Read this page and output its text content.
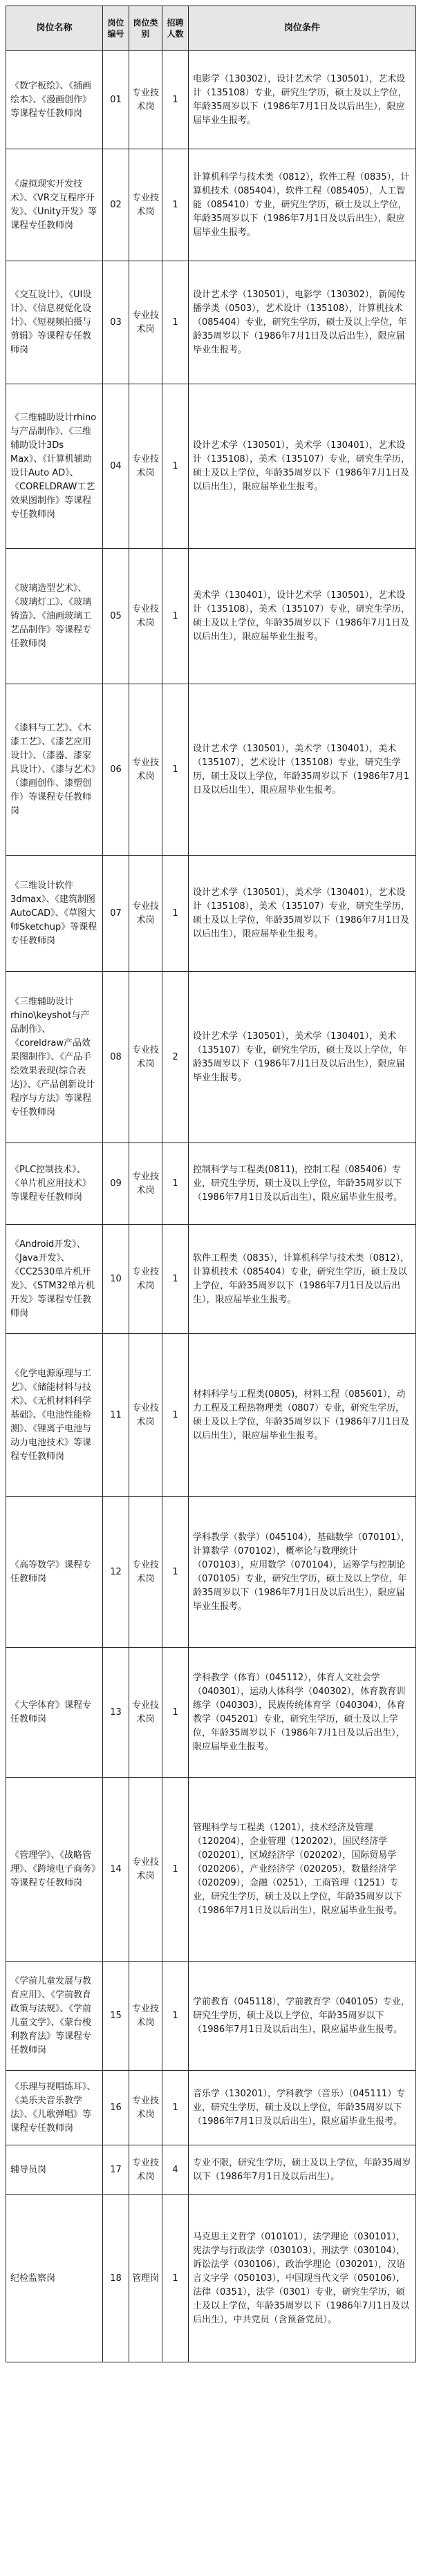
岗位名称	岗位编号	岗位类别	招聘人数	岗位条件
《数字板绘》、《插画绘本》、《漫画创作》等课程专任教师岗	01	专业技术岗	1	电影学（130302），设计艺术学（130501），艺术设计（135108）专业，研究生学历，硕士及以上学位，年龄35周岁以下（1986年7月1日及以后出生），限应届毕业生报考。
《虚拟现实开发技术》、《VR交互程序开发》、《Unity开发》等课程专任教师岗	02	专业技术岗	1	计算机科学与技术类（0812），软件工程（0835），计算机技术（085404），软件工程（085405），人工智能（085410）专业，研究生学历，硕士及以上学位，年龄35周岁以下（1986年7月1日及以后出生），限应届毕业生报考。
《交互设计》、《UI设计》、《信息视觉化设计》、《短视频拍摄与剪辑》等课程专任教师岗	03	专业技术岗	1	设计艺术学（130501），电影学（130302），新闻传播学类（0503），艺术设计（135108），计算机技术（085404）专业，研究生学历，硕士及以上学位，年龄35周岁以下（1986年7月1日及以后出生），限应届毕业生报考。
《三维辅助设计rhino与产品制作》、《三维辅助设计3Ds Max》、《计算机辅助设计Auto AD》、《CORELDRAW工艺效果图制作》等课程专任教师岗	04	专业技术岗	1	设计艺术学（130501），美术学（130401），艺术设计（135108），美术（135107）专业，研究生学历，硕士及以上学位，年龄35周岁以下（1986年7月1日及以后出生），限应届毕业生报考。
《玻璃造型艺术》、《玻璃灯工》、《玻璃铸造》、《油画玻璃工艺品制作》等课程专任教师岗	05	专业技术岗	1	美术学（130401），设计艺术学（130501），艺术设计（135108），美术（135107）专业，研究生学历，硕士及以上学位，年龄35周岁以下（1986年7月1日及以后出生），限应届毕业生报考。
《漆料与工艺》、《木漆工艺》、《漆艺应用设计》、（漆器、漆家具设计）、《漆与艺术》（漆画创作、漆塑创作）等课程专任教师岗	06	专业技术岗	1	设计艺术学（130501），美术学（130401），美术（135107），艺术设计（135108）专业，研究生学历，硕士及以上学位，年龄35周岁以下（1986年7月1日及以后出生），限应届毕业生报考。
《三维设计软件3dmax》、《建筑制图AutoCAD》、《草图大师Sketchup》等课程专任教师岗	07	专业技术岗	1	设计艺术学（130501），美术学（130401），艺术设计（135108），美术（135107）专业，研究生学历，硕士及以上学位，年龄35周岁以下（1986年7月1日及以后出生），限应届毕业生报考。
《三维辅助设计rhino\keyshot与产品制作》、《coreldraw产品效果图制作》、《产品手绘效果表现(综合表达)》、《产品创新设计程序与方法》等课程专任教师岗	08	专业技术岗	2	设计艺术学（130501），美术学（130401），美术（135107）专业，研究生学历，硕士及以上学位，年龄35周岁以下（1986年7月1日及以后出生），限应届毕业生报考。
《PLC控制技术》、《单片机应用技术》等课程专任教师岗	09	专业技术岗	1	控制科学与工程类(0811)，控制工程（085406）专业，研究生学历，硕士及以上学位，年龄35周岁以下（1986年7月1日及以后出生），限应届毕业生报考。
《Android开发》、《Java开发》、《CC2530单片机开发》、《STM32单片机开发》等课程专任教师岗	10	专业技术岗	1	软件工程类（0835），计算机科学与技术类（0812），计算机技术（085404）专业，研究生学历，硕士及以上学位，年龄35周岁以下（1986年7月1日及以后出生），限应届毕业生报考。
《化学电源原理与工艺》、《储能材料与技术》、《无机材料科学基础》、《电池性能检测》、《锂离子电池与动力电池技术》等课程专任教师岗	11	专业技术岗	1	材料科学与工程类(0805)，材料工程（085601），动力工程及工程热物理类（0807）专业，研究生学历，硕士及以上学位，年龄35周岁以下（1986年7月1日及以后出生），限应届毕业生报考。
《高等数学》课程专任教师岗	12	专业技术岗	1	学科教学（数学）（045104），基础数学（070101），计算数学（070102），概率论与数理统计（070103），应用数学（070104），运筹学与控制论（070105）专业，研究生学历，硕士及以上学位，年龄35周岁以下（1986年7月1日及以后出生），限应届毕业生报考。
《大学体育》课程专任教师岗	13	专业技术岗	1	学科教学（体育）（045112），体育人文社会学（040301），运动人体科学（040302），体育教育训练学（040303），民族传统体育学（040304），体育教学（045201）专业，研究生学历，硕士及以上学位，年龄35周岁以下（1986年7月1日及以后出生），限应届毕业生报考。
《管理学》、《战略管理》、《跨境电子商务》等课程专任教师岗	14	专业技术岗	1	管理科学与工程类（1201），技术经济及管理（120204），企业管理（120202），国民经济学（020201），区域经济学（020202），国际贸易学（020206），产业经济学（020205），数量经济学（020209），金融（0251），工商管理（1251）专业，研究生学历，硕士及以上学位，年龄35周岁以下（1986年7月1日及以后出生），限应届毕业生报考。
《学前儿童发展与教育应用》、《学前教育政策与法规》、《学前儿童文学》、《蒙台梭利教育法》等课程专任教师岗	15	专业技术岗	1	学前教育（045118），学前教育学（040105）专业，研究生学历，硕士及以上学位，年龄35周岁以下（1986年7月1日及以后出生），限应届毕业生报考。
《乐理与视唱练耳》、《美乐夫音乐教学法》、《儿歌弹唱》等课程专任教师岗	16	专业技术岗	1	音乐学（130201），学科教学（音乐）（045111）专业，研究生学历，硕士及以上学位，年龄35周岁以下（1986年7月1日及以后出生），限应届毕业生报考。
辅导员岗	17	专业技术岗	4	专业不限，研究生学历，硕士及以上学位，年龄35周岁以下（1986年7月1日及以后出生）。
纪检监察岗	18	管理岗	1	马克思主义哲学（010101），法学理论（030101），宪法学与行政法学（030103），刑法学（030104），诉讼法学（030106），政治学理论（030201），汉语言文字学（050103），中国现当代文学（050106），法律（0351），法学（0301）专业，研究生学历，硕士及以上学位，年龄35周岁以下（1986年7月1日及以后出生），中共党员（含预备党员）。
